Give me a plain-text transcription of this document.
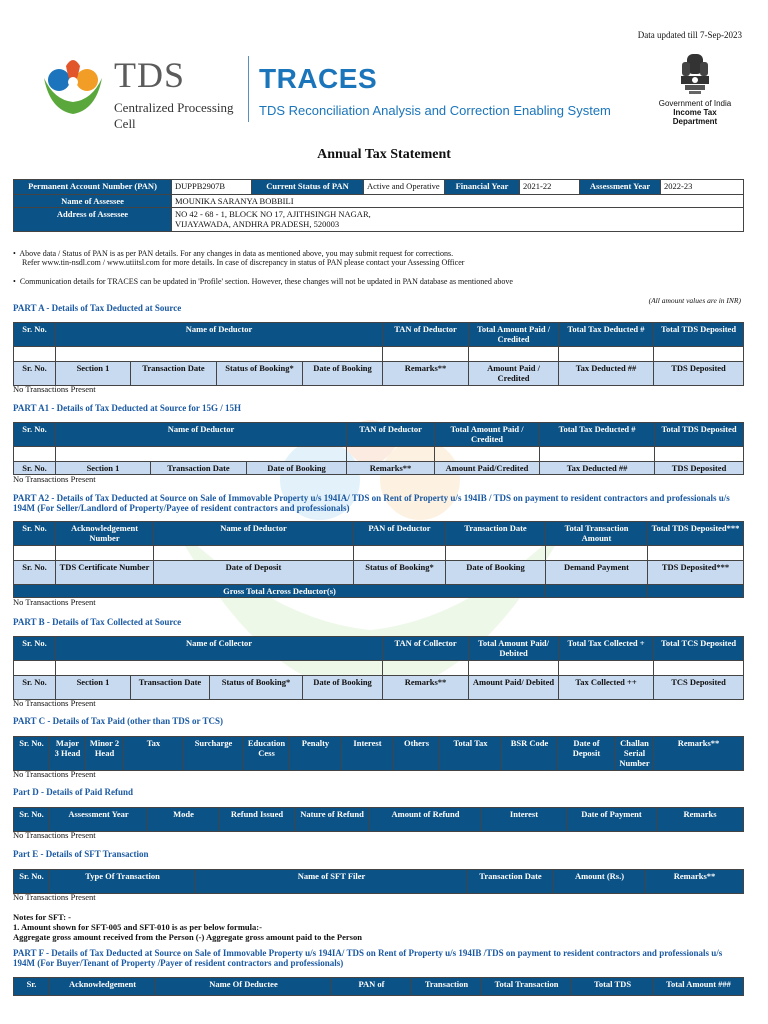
Data updated till 7-Sep-2023
TDS
Centralized Processing Cell
TRACES
TDS Reconciliation Analysis and Correction Enabling System	Government of India
Income Tax Department
Annual Tax Statement
Permanent Account Number (PAN)	DUPPB2907B	Current Status of PAN	Active and Operative	Financial Year	2021-22	Assessment Year	2022-23
Name of Assessee	MOUNIKA SARANYA BOBBILI						
Address of Assessee	NO 42 - 68 - 1, BLOCK NO 17, AJITHSINGH NAGAR,
VIJAYAWADA, ANDHRA PRADESH, 520003						
•  Above data / Status of PAN is as per PAN details. For any changes in data as mentioned above, you may submit request for corrections.
Refer www.tin-nsdl.com / www.utiitsl.com for more details. In case of discrepancy in status of PAN please contact your Assessing Officer
•  Communication details for TRACES can be updated in 'Profile' section. However, these changes will not be updated in PAN database as mentioned above
(All amount values are in INR)
PART A - Details of Tax Deducted at Source
Sr. No.	Name of Deductor				TAN of Deductor	Total Amount Paid / Credited	Total Tax Deducted #	Total TDS Deposited

Sr. No.	Section 1	Transaction Date	Status of Booking*	Date of Booking	Remarks**	Amount Paid / Credited	Tax Deducted ##	TDS Deposited
No Transactions Present
PART A1 - Details of Tax Deducted at Source for 15G / 15H
Sr. No.	Name of Deductor			TAN of Deductor	Total Amount Paid / Credited	Total Tax Deducted #	Total TDS Deposited

Sr. No.	Section 1	Transaction Date	Date of Booking	Remarks**	Amount Paid/Credited	Tax Deducted ##	TDS Deposited
No Transactions Present
PART A2 - Details of Tax Deducted at Source on Sale of Immovable Property u/s 194IA/ TDS on Rent of Property u/s 194IB / TDS on payment to resident contractors and professionals u/s
194M (For Seller/Landlord of Property/Payee of resident contractors and professionals)
Sr. No.	Acknowledgement Number	Name of Deductor	PAN of Deductor	Transaction Date	Total Transaction Amount	Total TDS Deposited***

Sr. No.	TDS Certificate Number	Date of Deposit	Status of Booking*	Date of Booking	Demand Payment	TDS Deposited***
Gross Total Across Deductor(s)						
No Transactions Present
PART B - Details of Tax Collected at Source
Sr. No.	Name of Collector				TAN of Collector	Total Amount Paid/ Debited	Total Tax Collected +	Total TCS Deposited

Sr. No.	Section 1	Transaction Date	Status of Booking*	Date of Booking	Remarks**	Amount Paid/ Debited	Tax Collected ++	TCS Deposited
No Transactions Present
PART C - Details of Tax Paid (other than TDS or TCS)
Sr. No.	Major 3 Head	Minor 2 Head	Tax	Surcharge	Education Cess	Penalty	Interest	Others	Total Tax	BSR Code	Date of Deposit	Challan Serial Number	Remarks**
No Transactions Present
Part D - Details of Paid Refund
Sr. No.	Assessment Year	Mode	Refund Issued	Nature of Refund	Amount of Refund	Interest	Date of Payment	Remarks
No Transactions Present
Part E - Details of SFT Transaction
Sr. No.	Type Of Transaction	Name of SFT Filer	Transaction Date	Amount (Rs.)	Remarks**
No Transactions Present
Notes for SFT: -
1. Amount shown for SFT-005 and SFT-010 is as per below formula:-
Aggregate gross amount received from the Person (-) Aggregate gross amount paid to the Person
PART F - Details of Tax Deducted at Source on Sale of Immovable Property u/s 194IA/ TDS on Rent of Property u/s 194IB /TDS on payment to resident contractors and professionals u/s
194M (For Buyer/Tenant of Property /Payer of resident contractors and professionals)
Sr.	Acknowledgement	Name Of Deductee	PAN of	Transaction	Total Transaction	Total TDS	Total Amount ###
